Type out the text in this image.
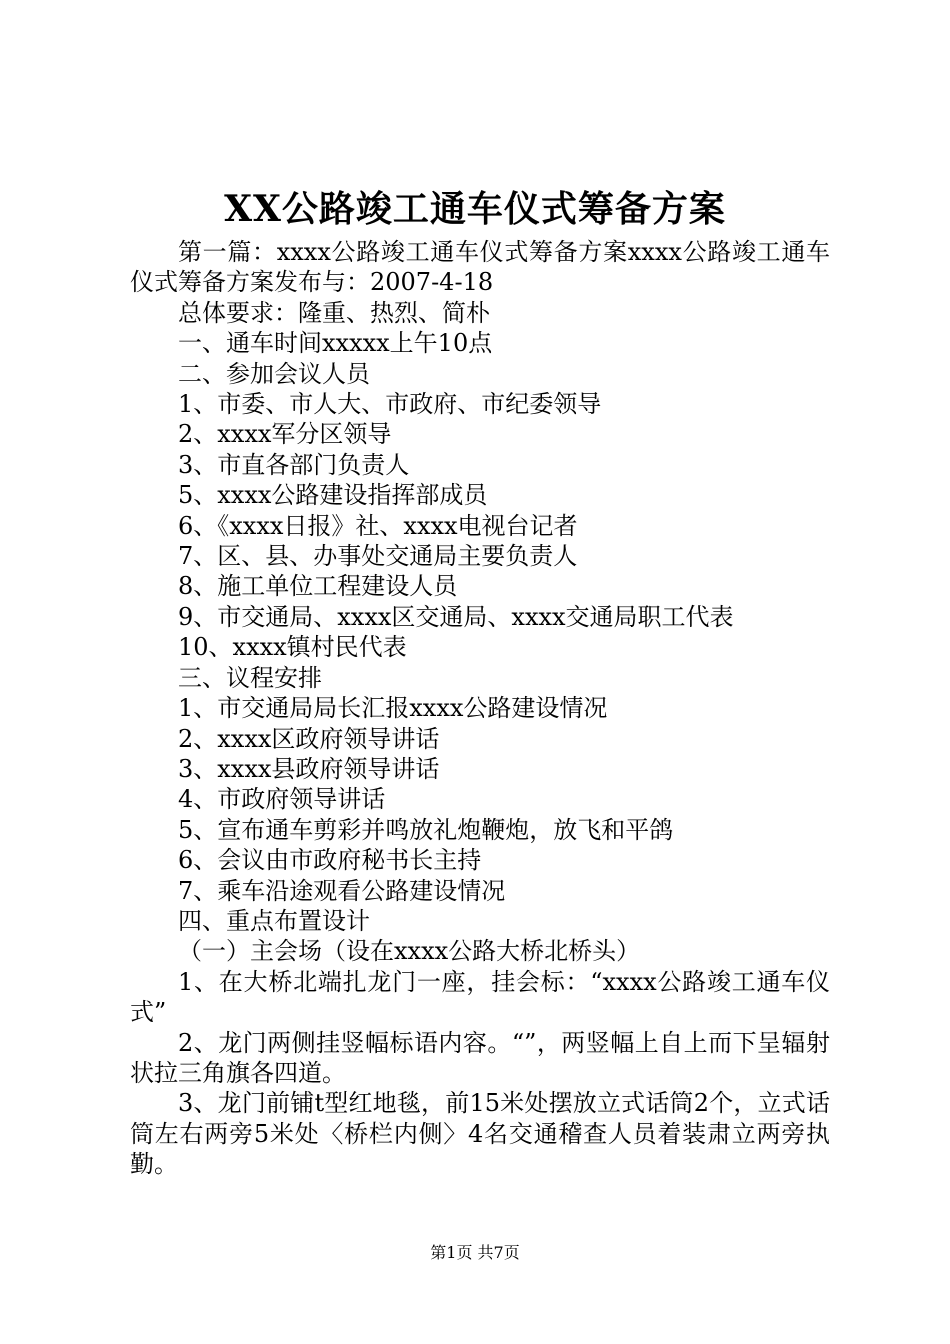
XX公路竣工通车仪式筹备方案

第一篇：xxxx公路竣工通车仪式筹备方案xxxx公路竣工通车仪式筹备方案发布与：2007-4-18

总体要求：隆重、热烈、简朴

一、通车时间xxxxx上午10点

二、参加会议人员

1、市委、市人大、市政府、市纪委领导

2、xxxx军分区领导

3、市直各部门负责人

5、xxxx公路建设指挥部成员

6、《xxxx日报》社、xxxx电视台记者

7、区、县、办事处交通局主要负责人

8、施工单位工程建设人员

9、市交通局、xxxx区交通局、xxxx交通局职工代表

10、xxxx镇村民代表

三、议程安排

1、市交通局局长汇报xxxx公路建设情况

2、xxxx区政府领导讲话

3、xxxx县政府领导讲话

4、市政府领导讲话

5、宣布通车剪彩并鸣放礼炮鞭炮，放飞和平鸽

6、会议由市政府秘书长主持

7、乘车沿途观看公路建设情况

四、重点布置设计

（一）主会场（设在xxxx公路大桥北桥头）

1、在大桥北端扎龙门一座，挂会标：“xxxx公路竣工通车仪式”

2、龙门两侧挂竖幅标语内容。“”，两竖幅上自上而下呈辐射状拉三角旗各四道。

3、龙门前铺t型红地毯，前15米处摆放立式话筒2个，立式话筒左右两旁5米处〈桥栏内侧〉4名交通稽查人员着装肃立两旁执勤。

第1页 共7页
